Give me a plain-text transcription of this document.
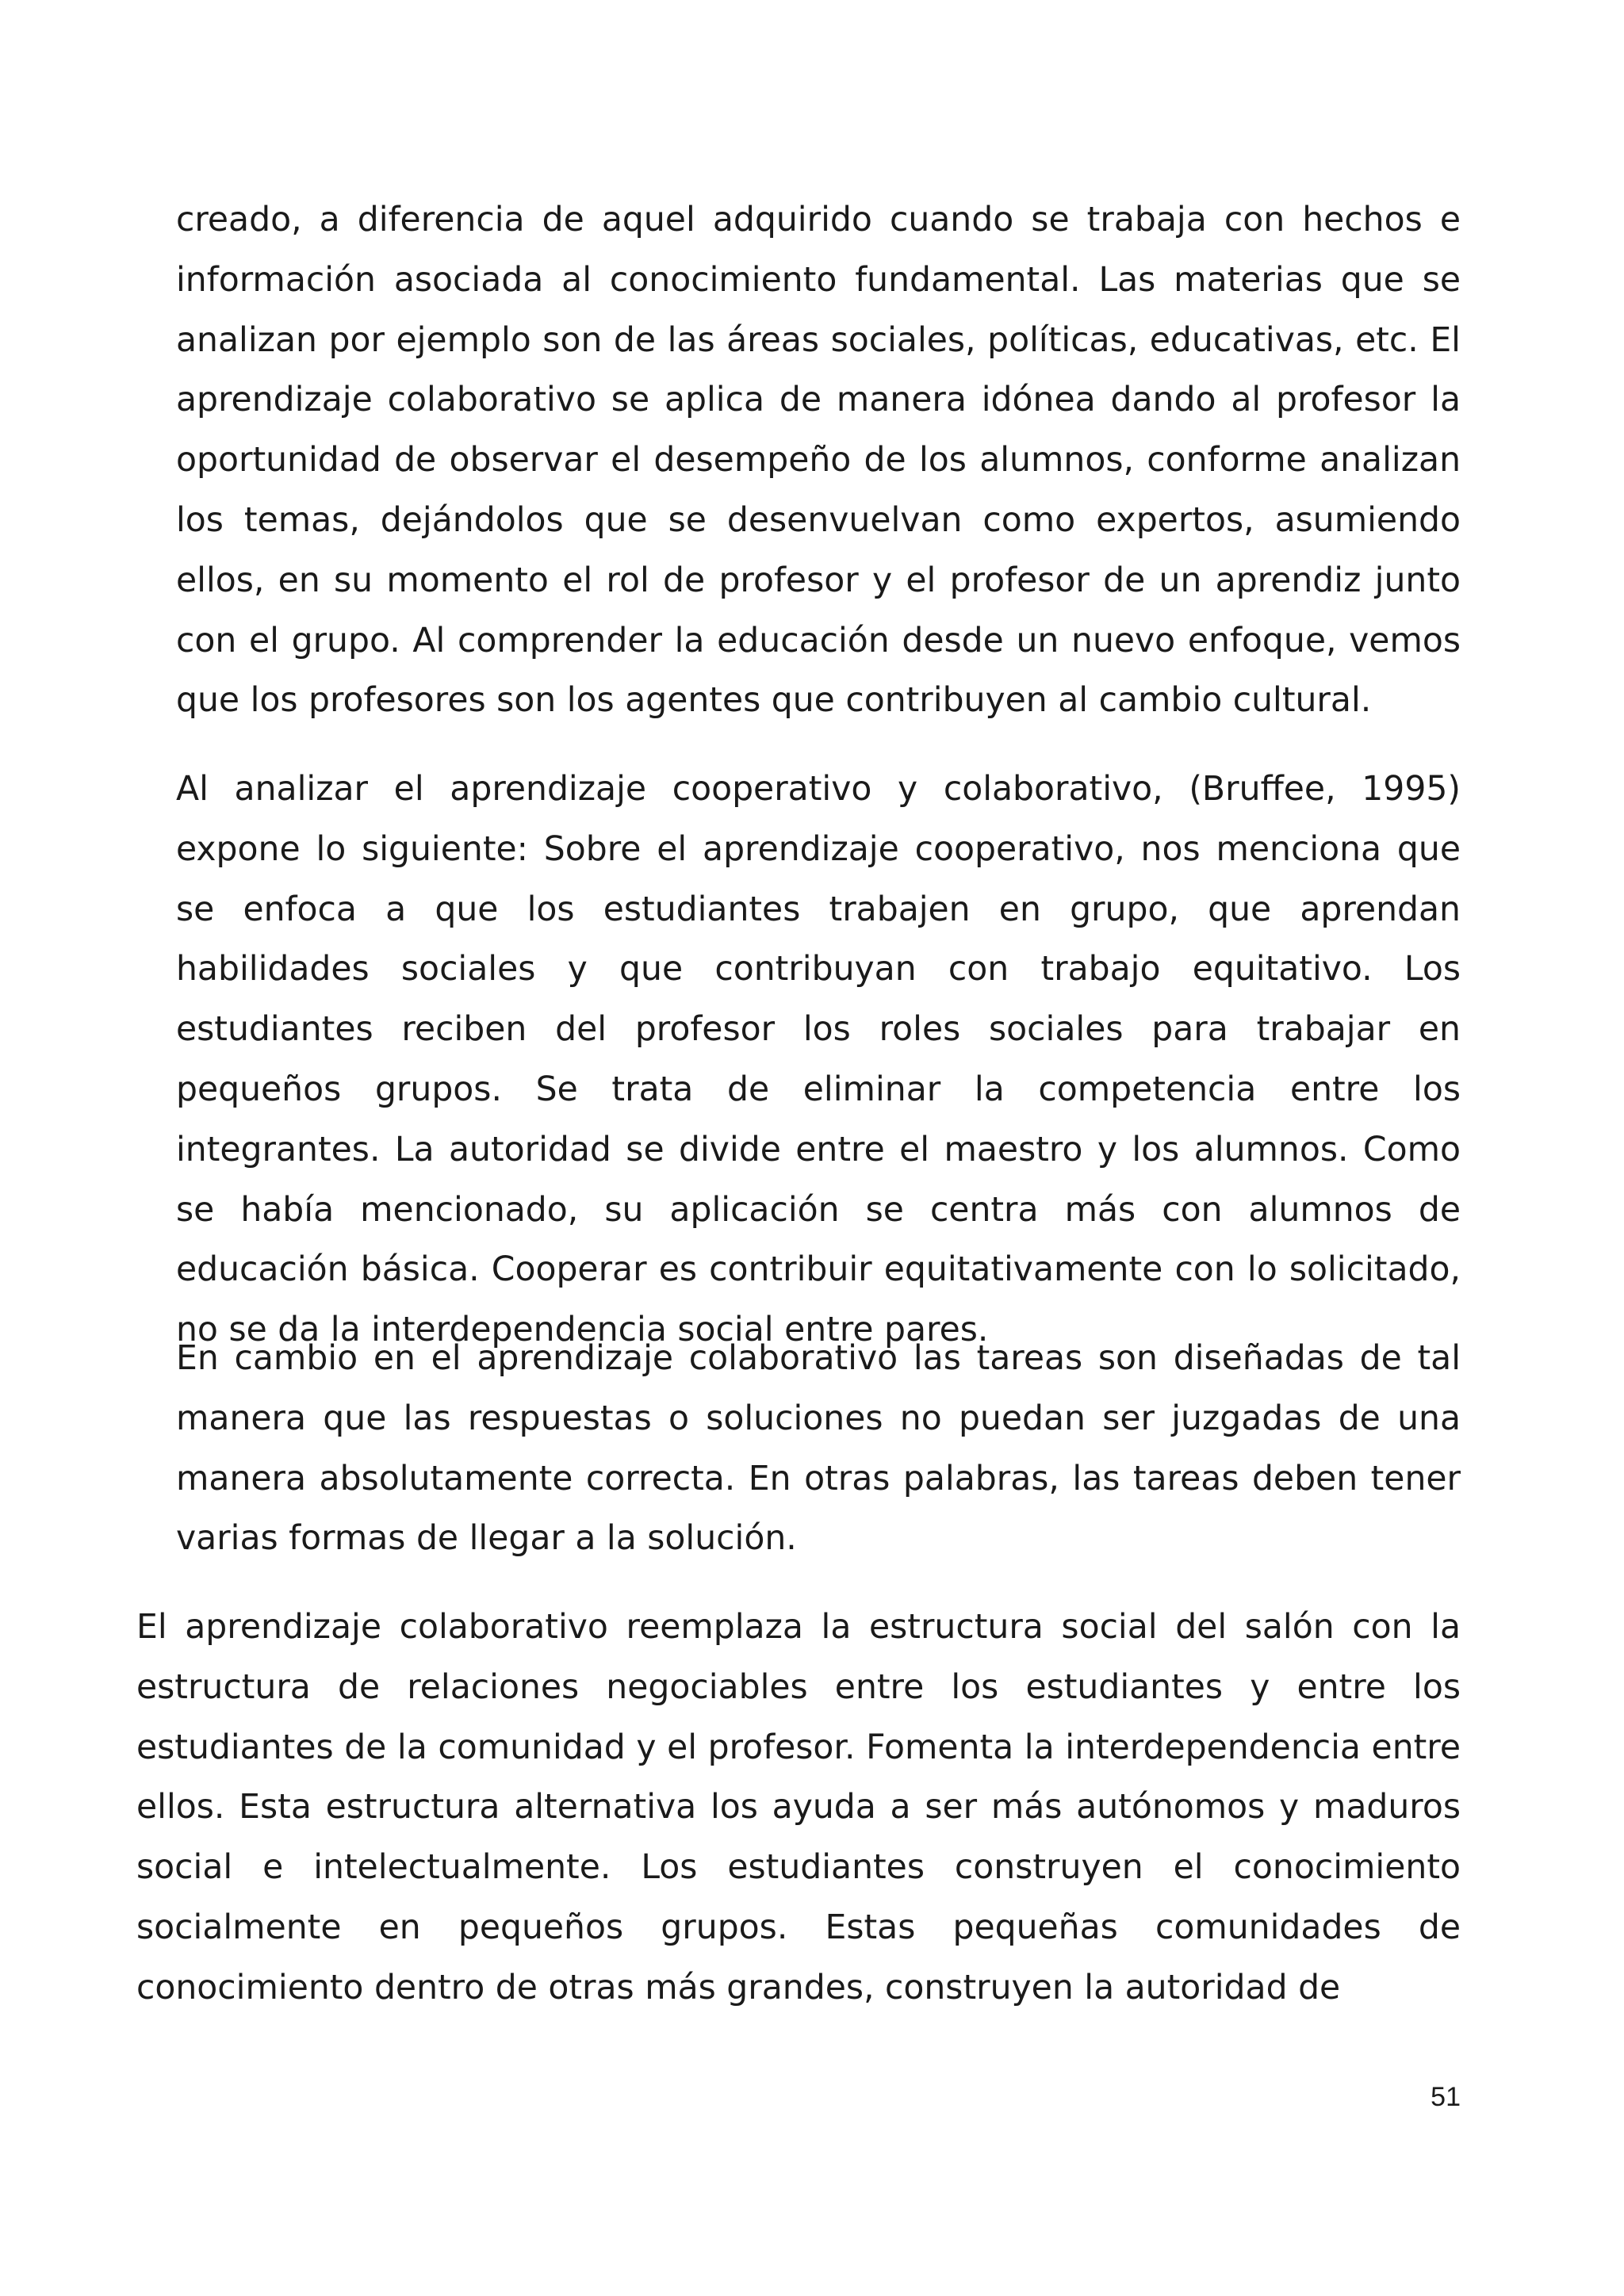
creado, a diferencia de aquel adquirido cuando se trabaja con hechos e información asociada al conocimiento fundamental. Las materias que se analizan por ejemplo son de las áreas sociales, políticas, educativas, etc. El aprendizaje colaborativo se aplica de manera idónea dando al profesor la oportunidad de observar el desempeño de los alumnos, conforme analizan los temas, dejándolos que se desenvuelvan como expertos, asumiendo ellos, en su momento el rol de profesor y el profesor de un aprendiz junto con el grupo. Al comprender la educación desde un nuevo enfoque, vemos que los profesores son los agentes que contribuyen al cambio cultural.

Al analizar el aprendizaje cooperativo y colaborativo, (Bruffee, 1995) expone lo siguiente: Sobre el aprendizaje cooperativo, nos menciona que se enfoca a que los estudiantes trabajen en grupo, que aprendan habilidades sociales y que contribuyan con trabajo equitativo. Los estudiantes reciben del profesor los roles sociales para trabajar en pequeños grupos. Se trata de eliminar la competencia entre los integrantes. La autoridad se divide entre el maestro y los alumnos. Como se había mencionado, su aplicación se centra más con alumnos de educación básica. Cooperar es contribuir equitativamente con lo solicitado, no se da la interdependencia social entre pares.

En cambio en el aprendizaje colaborativo las tareas son diseñadas de tal manera que las respuestas o soluciones no puedan ser juzgadas de una manera absolutamente correcta. En otras palabras, las tareas deben tener varias formas de llegar a la solución.

El aprendizaje colaborativo reemplaza la estructura social del salón con la estructura de relaciones negociables entre los estudiantes y entre los estudiantes de la comunidad y el profesor. Fomenta la interdependencia entre ellos. Esta estructura alternativa los ayuda a ser más autónomos y maduros social e intelectualmente. Los estudiantes construyen el conocimiento socialmente en pequeños grupos. Estas pequeñas comunidades de conocimiento dentro de otras más grandes, construyen la autoridad de

51
